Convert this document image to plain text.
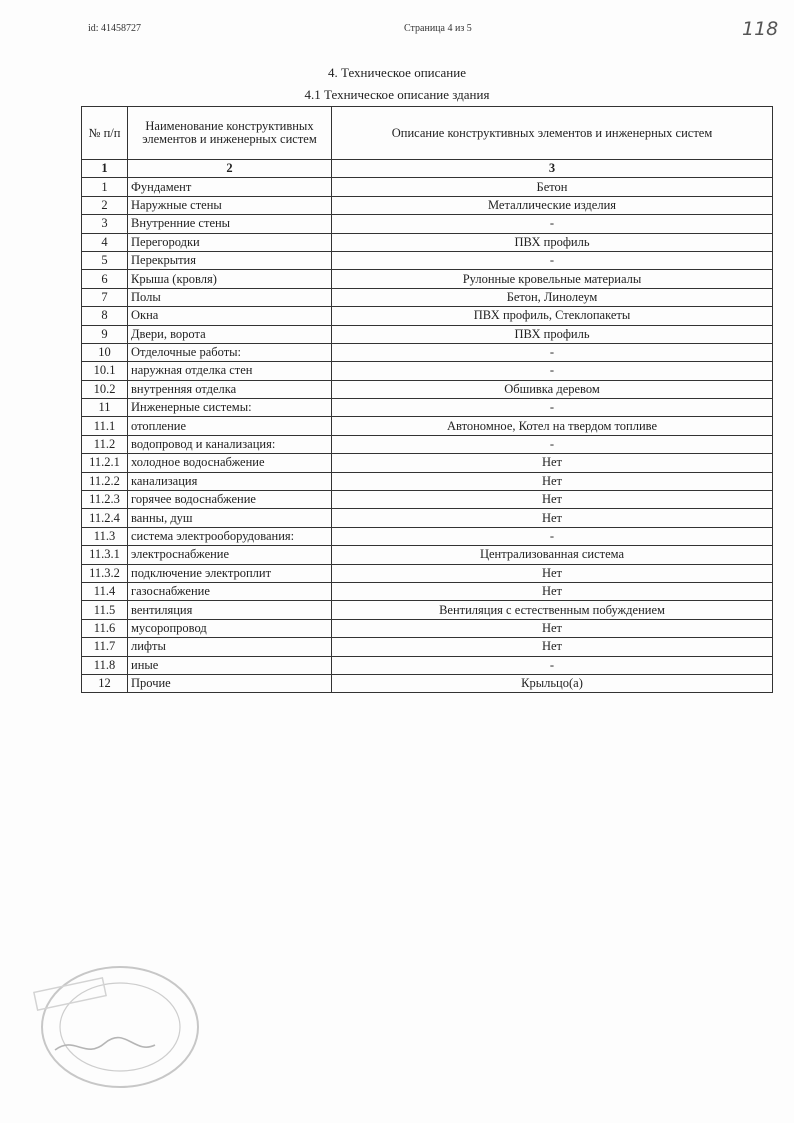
id: 41458727	Страница 4 из 5	118
4. Техническое описание
4.1 Техническое описание здания
№ п/п	Наименование конструктивных элементов и инженерных систем	Описание конструктивных элементов и инженерных систем
1	2	3
1	Фундамент	Бетон
2	Наружные стены	Металлические изделия
3	Внутренние стены	-
4	Перегородки	ПВХ профиль
5	Перекрытия	-
6	Крыша (кровля)	Рулонные кровельные материалы
7	Полы	Бетон, Линолеум
8	Окна	ПВХ профиль, Стеклопакеты
9	Двери, ворота	ПВХ профиль
10	Отделочные работы:	-
10.1	наружная отделка стен	-
10.2	внутренняя отделка	Обшивка деревом
11	Инженерные системы:	-
11.1	отопление	Автономное, Котел на твердом топливе
11.2	водопровод и канализация:	-
11.2.1	холодное водоснабжение	Нет
11.2.2	канализация	Нет
11.2.3	горячее водоснабжение	Нет
11.2.4	ванны, душ	Нет
11.3	система электрооборудования:	-
11.3.1	электроснабжение	Централизованная система
11.3.2	подключение электроплит	Нет
11.4	газоснабжение	Нет
11.5	вентиляция	Вентиляция с естественным побуждением
11.6	мусоропровод	Нет
11.7	лифты	Нет
11.8	иные	-
12	Прочие	Крыльцо(а)
